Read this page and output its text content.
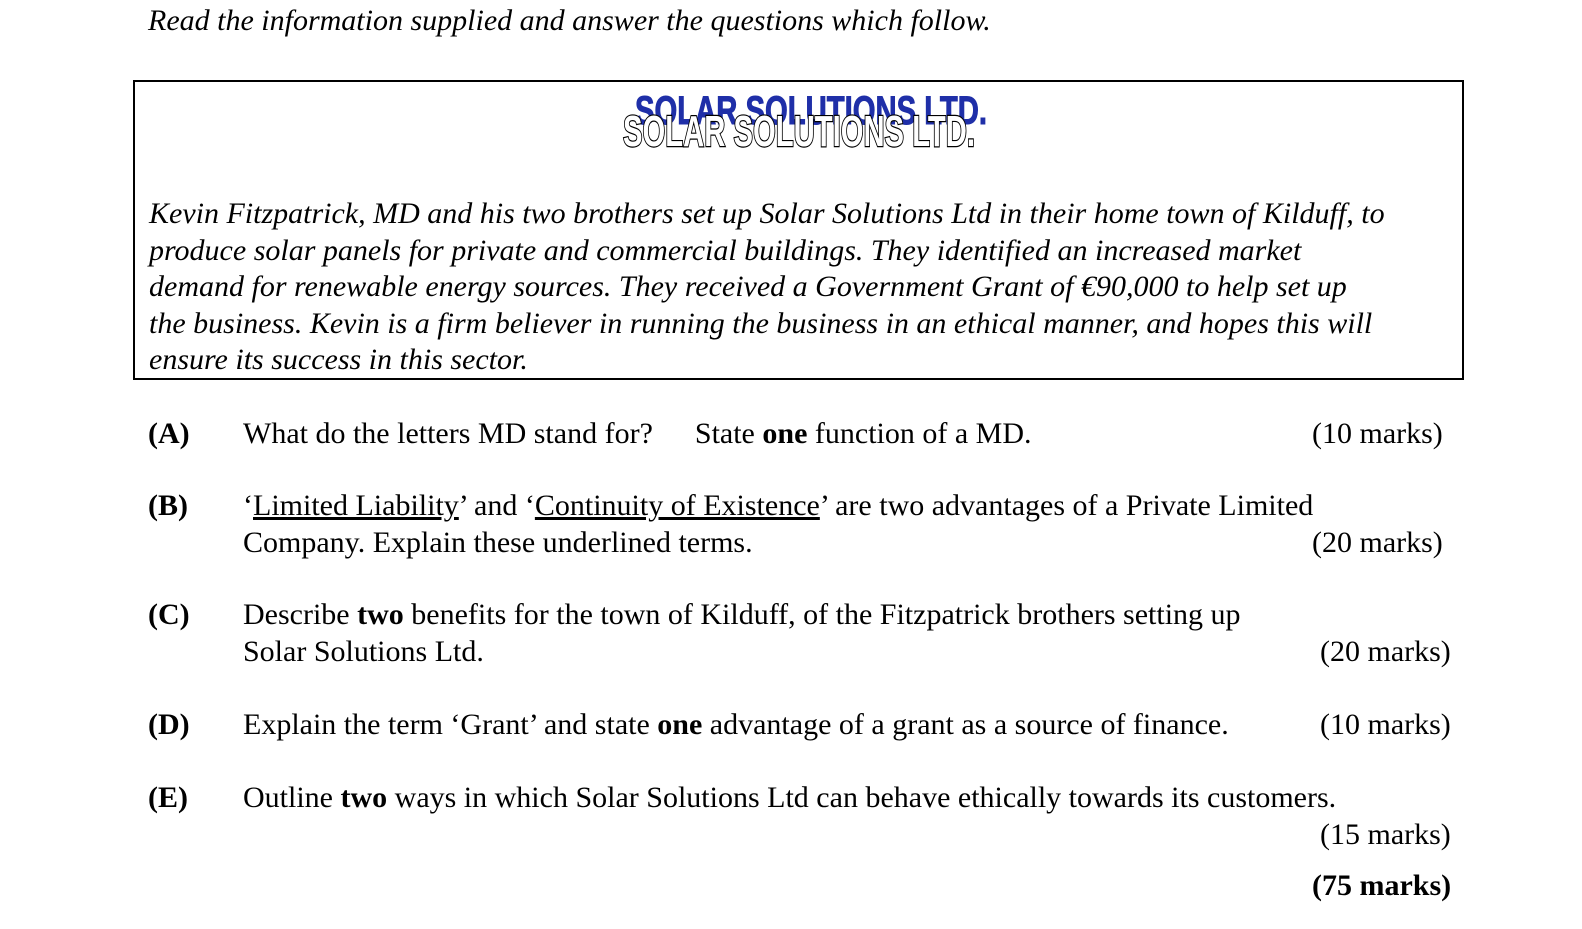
Read the information supplied and answer the questions which follow.
SOLAR SOLUTIONS LTD.
SOLAR SOLUTIONS LTD.
Kevin Fitzpatrick, MD and his two brothers set up Solar Solutions Ltd in their home town of Kilduff, to
produce solar panels for private and commercial buildings. They identified an increased market
demand for renewable energy sources. They received a Government Grant of €90,000 to help set up
the business. Kevin is a firm believer in running the business in an ethical manner, and hopes this will
ensure its success in this sector.
(A) What do the letters MD stand for? State one function of a MD.	(10 marks)
(B) ‘Limited Liability’ and ‘Continuity of Existence’ are two advantages of a Private Limited
Company. Explain these underlined terms.	(20 marks)
(C) Describe two benefits for the town of Kilduff, of the Fitzpatrick brothers setting up
Solar Solutions Ltd.	(20 marks)
(D) Explain the term ‘Grant’ and state one advantage of a grant as a source of finance.	(10 marks)
(E) Outline two ways in which Solar Solutions Ltd can behave ethically towards its customers.
(15 marks)
(75 marks)
